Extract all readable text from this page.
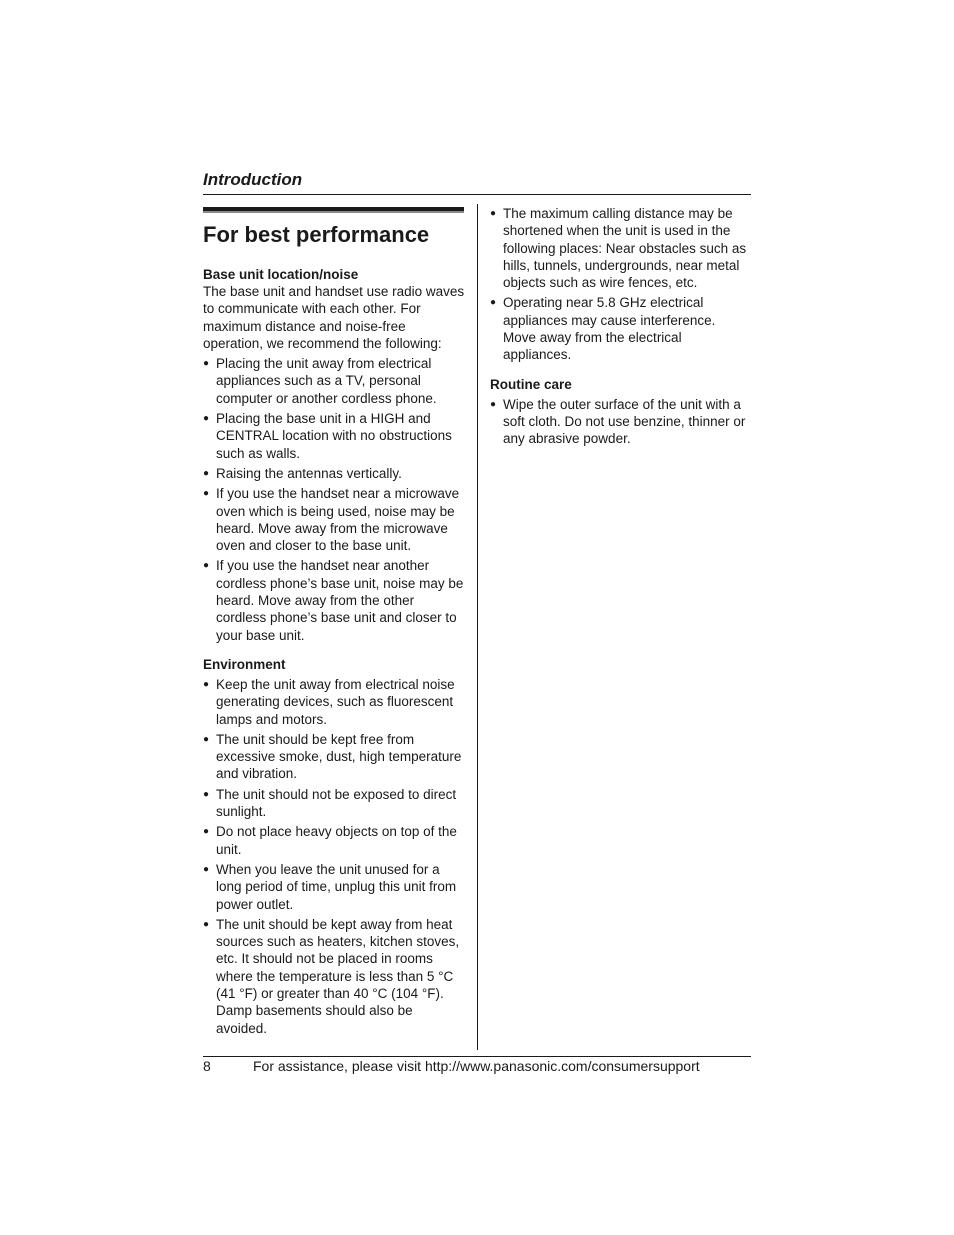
Introduction
For best performance

Base unit location/noise

The base unit and handset use radio waves to communicate with each other. For maximum distance and noise-free operation, we recommend the following:

● Placing the unit away from electrical appliances such as a TV, personal computer or another cordless phone.
● Placing the base unit in a HIGH and CENTRAL location with no obstructions such as walls.
● Raising the antennas vertically.
● If you use the handset near a microwave oven which is being used, noise may be heard. Move away from the microwave oven and closer to the base unit.
● If you use the handset near another cordless phone’s base unit, noise may be heard. Move away from the other cordless phone’s base unit and closer to your base unit.

Environment

● Keep the unit away from electrical noise generating devices, such as fluorescent lamps and motors.
● The unit should be kept free from excessive smoke, dust, high temperature and vibration.
● The unit should not be exposed to direct sunlight.
● Do not place heavy objects on top of the unit.
● When you leave the unit unused for a long period of time, unplug this unit from power outlet.
● The unit should be kept away from heat sources such as heaters, kitchen stoves, etc. It should not be placed in rooms where the temperature is less than 5 °C (41 °F) or greater than 40 °C (104 °F). Damp basements should also be avoided.
● The maximum calling distance may be shortened when the unit is used in the following places: Near obstacles such as hills, tunnels, undergrounds, near metal objects such as wire fences, etc.
● Operating near 5.8 GHz electrical appliances may cause interference. Move away from the electrical appliances.

Routine care

● Wipe the outer surface of the unit with a soft cloth. Do not use benzine, thinner or any abrasive powder.
8	For assistance, please visit http://www.panasonic.com/consumersupport
